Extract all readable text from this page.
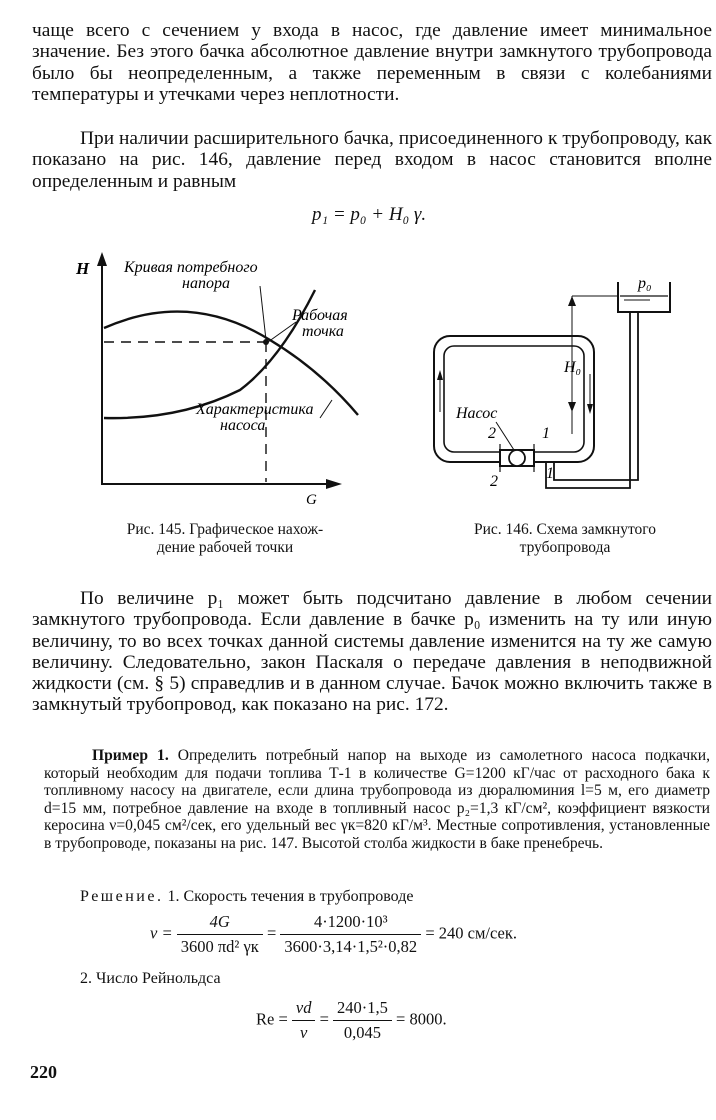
чаще всего с сечением у входа в насос, где давление имеет минимальное значение. Без этого бачка абсолютное давление внутри замкнутого трубопровода было бы неопределенным, а также переменным в связи с колебаниями температуры и утечками через неплотности.

При наличии расширительного бачка, присоединенного к трубопроводу, как показано на рис. 146, давление перед входом в насос становится вполне определенным и равным

p₁ = p₀ + H₀ γ.
H
G
Кривая потребного
напора
Рабочая
точка
Характеристика
насоса
Рис. 145. Графическое нахож-
дение рабочей точки
p₀
H₀
Насос
2	1
2	1
Рис. 146. Схема замкнутого
трубопровода

По величине p₁ может быть подсчитано давление в любом сечении замкнутого трубопровода. Если давление в бачке p₀ изменить на ту или иную величину, то во всех точках данной системы давление изменится на ту же самую величину. Следовательно, закон Паскаля о передаче давления в неподвижной жидкости (см. § 5) справедлив и в данном случае. Бачок можно включить также в замкнутый трубопровод, как показано на рис. 172.

Пример 1. Определить потребный напор на выходе из самолетного насоса подкачки, который необходим для подачи топлива Т-1 в количестве G=1200 кГ/час от расходного бака к топливному насосу на двигателе, если длина трубопровода из дюралюминия l=5 м, его диаметр d=15 мм, потребное давление на входе в топливный насос p₂=1,3 кГ/см², коэффициент вязкости керосина ν=0,045 см²/сек, его удельный вес γк=820 кГ/м³. Местные сопротивления, установленные в трубопроводе, показаны на рис. 147. Высотой столба жидкости в баке пренебречь.

Решение. 1. Скорость течения в трубопроводе
$v = \frac{4G}{\text{3600 πd² γк}} = \frac{\text{4·1200·10³}}{\text{3600·3,14·1,5²·0,82}} = 240$ см/сек.
2. Число Рейнольдса
$Re = \frac{vd}{\nu} = \frac{240\cdot 1,5}{0,045} = 8000$.
220
